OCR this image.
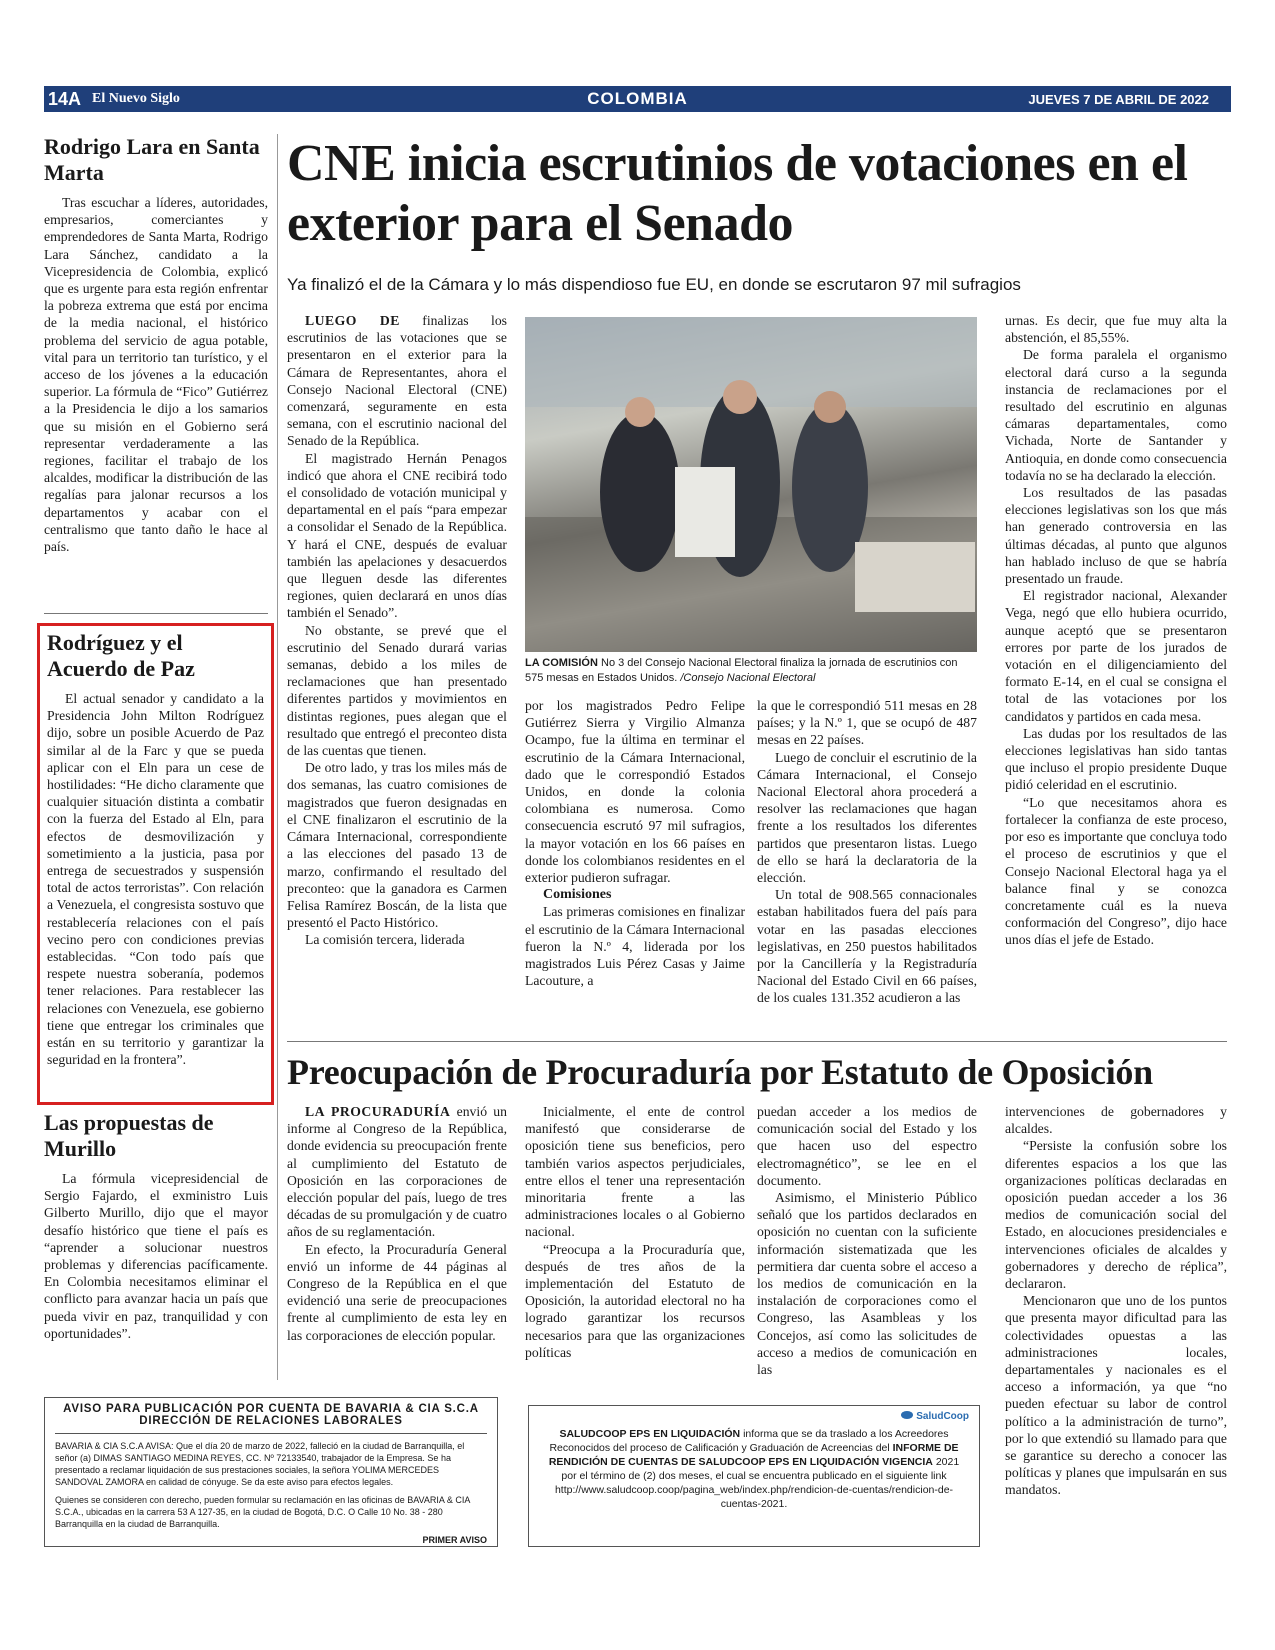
14A El Nuevo Siglo	COLOMBIA	JUEVES 7 DE ABRIL DE 2022
Rodrigo Lara en Santa Marta

Tras escuchar a líderes, autoridades, empresarios, comerciantes y emprendedores de Santa Marta, Rodrigo Lara Sánchez, candidato a la Vicepresidencia de Colombia, explicó que es urgente para esta región enfrentar la pobreza extrema que está por encima de la media nacional, el histórico problema del servicio de agua potable, vital para un territorio tan turístico, y el acceso de los jóvenes a la educación superior. La fórmula de “Fico” Gutiérrez a la Presidencia le dijo a los samarios que su misión en el Gobierno será representar verdaderamente a las regiones, facilitar el trabajo de los alcaldes, modificar la distribución de las regalías para jalonar recursos a los departamentos y acabar con el centralismo que tanto daño le hace al país.

Rodríguez y el Acuerdo de Paz

El actual senador y candidato a la Presidencia John Milton Rodríguez dijo, sobre un posible Acuerdo de Paz similar al de la Farc y que se pueda aplicar con el Eln para un cese de hostilidades: “He dicho claramente que cualquier situación distinta a combatir con la fuerza del Estado al Eln, para efectos de desmovilización y sometimiento a la justicia, pasa por entrega de secuestrados y suspensión total de actos terroristas”. Con relación a Venezuela, el congresista sostuvo que restablecería relaciones con el país vecino pero con condiciones previas establecidas. “Con todo país que respete nuestra soberanía, podemos tener relaciones. Para restablecer las relaciones con Venezuela, ese gobierno tiene que entregar los criminales que están en su territorio y garantizar la seguridad en la frontera”.

Las propuestas de Murillo

La fórmula vicepresidencial de Sergio Fajardo, el exministro Luis Gilberto Murillo, dijo que el mayor desafío histórico que tiene el país es “aprender a solucionar nuestros problemas y diferencias pacíficamente. En Colombia necesitamos eliminar el conflicto para avanzar hacia un país que pueda vivir en paz, tranquilidad y con oportunidades”.

CNE inicia escrutinios de votaciones en el exterior para el Senado
Ya finalizó el de la Cámara y lo más dispendioso fue EU, en donde se escrutaron 97 mil sufragios

LUEGO DE finalizas los escrutinios de las votaciones que se presentaron en el exterior para la Cámara de Representantes, ahora el Consejo Nacional Electoral (CNE) comenzará, seguramente en esta semana, con el escrutinio nacional del Senado de la República.

El magistrado Hernán Penagos indicó que ahora el CNE recibirá todo el consolidado de votación municipal y departamental en el país “para empezar a consolidar el Senado de la República. Y hará el CNE, después de evaluar también las apelaciones y desacuerdos que lleguen desde las diferentes regiones, quien declarará en unos días también el Senado”.

No obstante, se prevé que el escrutinio del Senado durará varias semanas, debido a los miles de reclamaciones que han presentado diferentes partidos y movimientos en distintas regiones, pues alegan que el resultado que entregó el preconteo dista de las cuentas que tienen.

De otro lado, y tras los miles más de dos semanas, las cuatro comisiones de magistrados que fueron designadas en el CNE finalizaron el escrutinio de la Cámara Internacional, correspondiente a las elecciones del pasado 13 de marzo, confirmando el resultado del preconteo: que la ganadora es Carmen Felisa Ramírez Boscán, de la lista que presentó el Pacto Histórico.

La comisión tercera, liderada

LA COMISIÓN No 3 del Consejo Nacional Electoral finaliza la jornada de escrutinios con 575 mesas en Estados Unidos. /Consejo Nacional Electoral

por los magistrados Pedro Felipe Gutiérrez Sierra y Virgilio Almanza Ocampo, fue la última en terminar el escrutinio de la Cámara Internacional, dado que le correspondió Estados Unidos, en donde la colonia colombiana es numerosa. Como consecuencia escrutó 97 mil sufragios, la mayor votación en los 66 países en donde los colombianos residentes en el exterior pudieron sufragar.

Comisiones

Las primeras comisiones en finalizar el escrutinio de la Cámara Internacional fueron la N.º 4, liderada por los magistrados Luis Pérez Casas y Jaime Lacouture, a

la que le correspondió 511 mesas en 28 países; y la N.º 1, que se ocupó de 487 mesas en 22 países.

Luego de concluir el escrutinio de la Cámara Internacional, el Consejo Nacional Electoral ahora procederá a resolver las reclamaciones que hagan frente a los resultados los diferentes partidos que presentaron listas. Luego de ello se hará la declaratoria de la elección.

Un total de 908.565 connacionales estaban habilitados fuera del país para votar en las pasadas elecciones legislativas, en 250 puestos habilitados por la Cancillería y la Registraduría Nacional del Estado Civil en 66 países, de los cuales 131.352 acudieron a las

urnas. Es decir, que fue muy alta la abstención, el 85,55%.

De forma paralela el organismo electoral dará curso a la segunda instancia de reclamaciones por el resultado del escrutinio en algunas cámaras departamentales, como Vichada, Norte de Santander y Antioquia, en donde como consecuencia todavía no se ha declarado la elección.

Los resultados de las pasadas elecciones legislativas son los que más han generado controversia en las últimas décadas, al punto que algunos han hablado incluso de que se habría presentado un fraude.

El registrador nacional, Alexander Vega, negó que ello hubiera ocurrido, aunque aceptó que se presentaron errores por parte de los jurados de votación en el diligenciamiento del formato E-14, en el cual se consigna el total de las votaciones por los candidatos y partidos en cada mesa.

Las dudas por los resultados de las elecciones legislativas han sido tantas que incluso el propio presidente Duque pidió celeridad en el escrutinio.

“Lo que necesitamos ahora es fortalecer la confianza de este proceso, por eso es importante que concluya todo el proceso de escrutinios y que el Consejo Nacional Electoral haga ya el balance final y se conozca concretamente cuál es la nueva conformación del Congreso”, dijo hace unos días el jefe de Estado.

Preocupación de Procuraduría por Estatuto de Oposición

LA PROCURADURÍA envió un informe al Congreso de la República, donde evidencia su preocupación frente al cumplimiento del Estatuto de Oposición en las corporaciones de elección popular del país, luego de tres décadas de su promulgación y de cuatro años de su reglamentación.

En efecto, la Procuraduría General envió un informe de 44 páginas al Congreso de la República en el que evidenció una serie de preocupaciones frente al cumplimiento de esta ley en las corporaciones de elección popular.

Inicialmente, el ente de control manifestó que considerarse de oposición tiene sus beneficios, pero también varios aspectos perjudiciales, entre ellos el tener una representación minoritaria frente a las administraciones locales o al Gobierno nacional.

“Preocupa a la Procuraduría que, después de tres años de la implementación del Estatuto de Oposición, la autoridad electoral no ha logrado garantizar los recursos necesarios para que las organizaciones políticas

puedan acceder a los medios de comunicación social del Estado y los que hacen uso del espectro electromagnético”, se lee en el documento.

Asimismo, el Ministerio Público señaló que los partidos declarados en oposición no cuentan con la suficiente información sistematizada que les permitiera dar cuenta sobre el acceso a los medios de comunicación en la instalación de corporaciones como el Congreso, las Asambleas y los Concejos, así como las solicitudes de acceso a medios de comunicación en las

intervenciones de gobernadores y alcaldes.

“Persiste la confusión sobre los diferentes espacios a los que las organizaciones políticas declaradas en oposición puedan acceder a los 36 medios de comunicación social del Estado, en alocuciones presidenciales e intervenciones oficiales de alcaldes y gobernadores y derecho de réplica”, declararon.

Mencionaron que uno de los puntos que presenta mayor dificultad para las colectividades opuestas a las administraciones locales, departamentales y nacionales es el acceso a información, ya que “no pueden efectuar su labor de control político a la administración de turno”, por lo que extendió su llamado para que se garantice su derecho a conocer las políticas y planes que impulsarán en sus mandatos.

AVISO PARA PUBLICACIÓN POR CUENTA DE BAVARIA & CIA S.C.A
DIRECCIÓN DE RELACIONES LABORALES
BAVARIA & CIA S.C.A AVISA: Que el día 20 de marzo de 2022, falleció en la ciudad de Barranquilla, el señor (a) DIMAS SANTIAGO MEDINA REYES, CC. Nº 72133540, trabajador de la Empresa. Se ha presentado a reclamar liquidación de sus prestaciones sociales, la señora YOLIMA MERCEDES SANDOVAL ZAMORA en calidad de cónyuge. Se da este aviso para efectos legales.
Quienes se consideren con derecho, pueden formular su reclamación en las oficinas de BAVARIA & CIA S.C.A., ubicadas en la carrera 53 A 127-35, en la ciudad de Bogotá, D.C. O Calle 10 No. 38 - 280 Barranquilla en la ciudad de Barranquilla.
PRIMER AVISO
SaludCoop
SALUDCOOP EPS EN LIQUIDACIÓN informa que se da traslado a los Acreedores Reconocidos del proceso de Calificación y Graduación de Acreencias del INFORME DE RENDICIÓN DE CUENTAS DE SALUDCOOP EPS EN LIQUIDACIÓN VIGENCIA 2021 por el término de (2) dos meses, el cual se encuentra publicado en el siguiente link http://www.saludcoop.coop/pagina_web/index.php/rendicion-de-cuentas/rendicion-de-cuentas-2021.
